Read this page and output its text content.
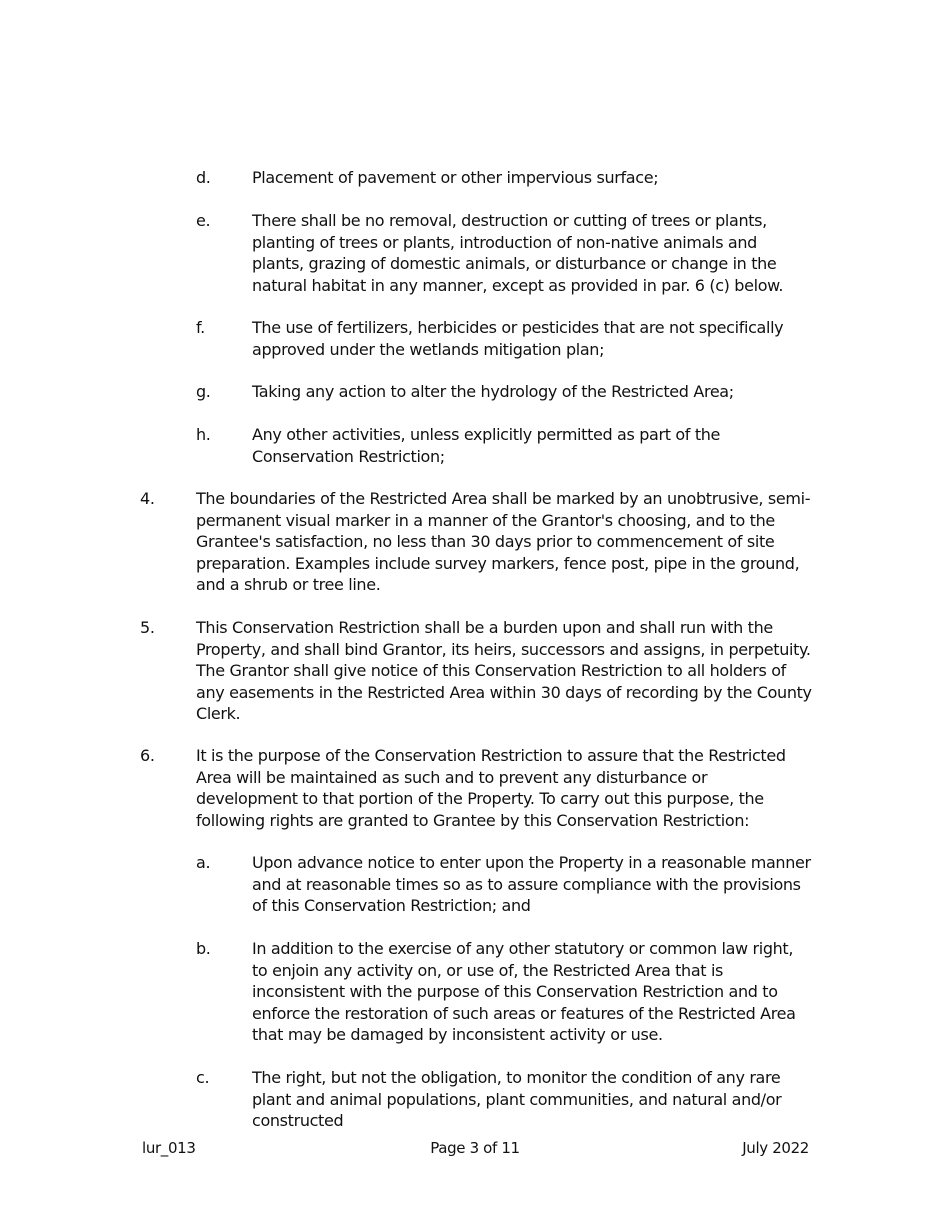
d.	Placement of pavement or other impervious surface;

e.	There shall be no removal, destruction or cutting of trees or plants, planting of trees or plants, introduction of non-native animals and plants, grazing of domestic animals, or disturbance or change in the natural habitat in any manner, except as provided in par. 6 (c) below.

f.	The use of fertilizers, herbicides or pesticides that are not specifically approved under the wetlands mitigation plan;

g.	Taking any action to alter the hydrology of the Restricted Area;

h.	Any other activities, unless explicitly permitted as part of the Conservation Restriction;

4.	The boundaries of the Restricted Area shall be marked by an unobtrusive, semi-permanent visual marker in a manner of the Grantor's choosing, and to the Grantee's satisfaction, no less than 30 days prior to commencement of site preparation. Examples include survey markers, fence post, pipe in the ground, and a shrub or tree line.

5.	This Conservation Restriction shall be a burden upon and shall run with the Property, and shall bind Grantor, its heirs, successors and assigns, in perpetuity. The Grantor shall give notice of this Conservation Restriction to all holders of any easements in the Restricted Area within 30 days of recording by the County Clerk.

6.	It is the purpose of the Conservation Restriction to assure that the Restricted Area will be maintained as such and to prevent any disturbance or development to that portion of the Property. To carry out this purpose, the following rights are granted to Grantee by this Conservation Restriction:

a.	Upon advance notice to enter upon the Property in a reasonable manner and at reasonable times so as to assure compliance with the provisions of this Conservation Restriction; and

b.	In addition to the exercise of any other statutory or common law right, to enjoin any activity on, or use of, the Restricted Area that is inconsistent with the purpose of this Conservation Restriction and to enforce the restoration of such areas or features of the Restricted Area that may be damaged by inconsistent activity or use.

c.	The right, but not the obligation, to monitor the condition of any rare plant and animal populations, plant communities, and natural and/or constructed

lur_013	Page 3 of 11	July 2022
